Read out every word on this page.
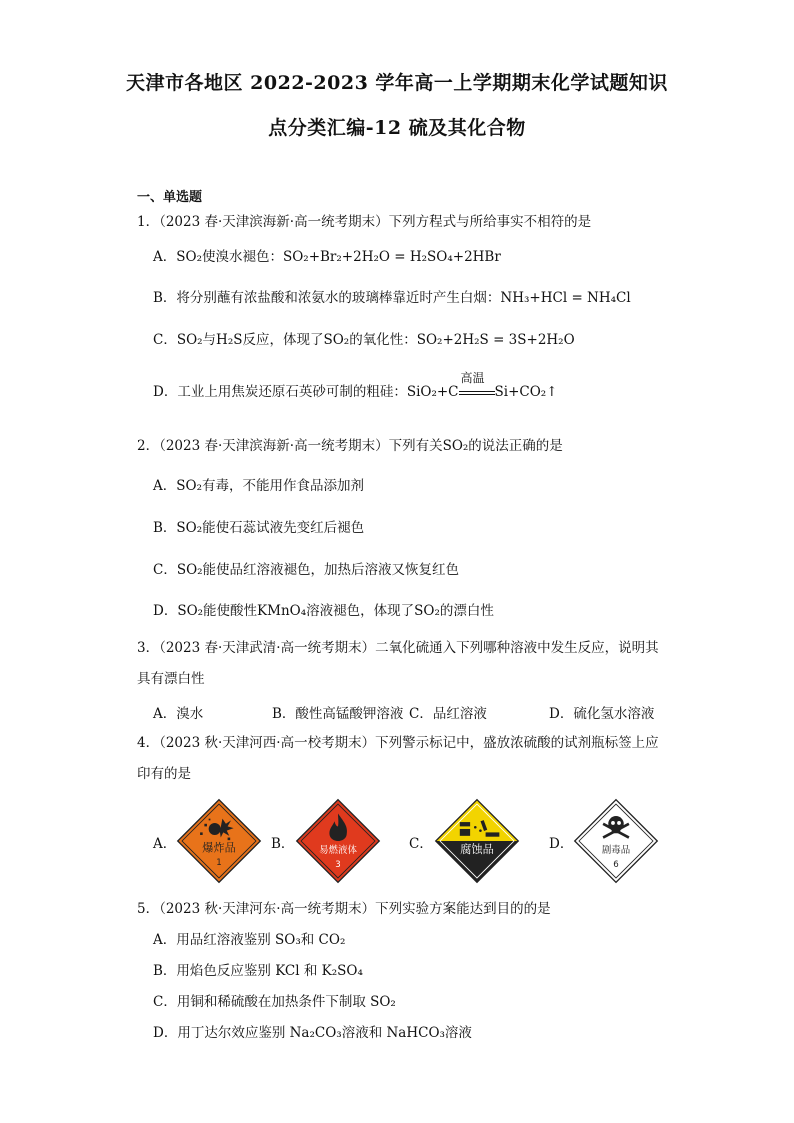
天津市各地区 2022-2023 学年高一上学期期末化学试题知识
点分类汇编-12 硫及其化合物
一、单选题
1．（2023 春·天津滨海新·高一统考期末）下列方程式与所给事实不相符的是
A．SO₂使溴水褪色：SO₂+Br₂+2H₂O = H₂SO₄+2HBr
B．将分别蘸有浓盐酸和浓氨水的玻璃棒靠近时产生白烟：NH₃+HCl = NH₄Cl
C．SO₂与H₂S反应，体现了SO₂的氧化性：SO₂+2H₂S = 3S+2H₂O
D．工业上用焦炭还原石英砂可制的粗硅：SiO₂+C
高温
Si+CO₂↑
2．（2023 春·天津滨海新·高一统考期末）下列有关SO₂的说法正确的是
A．SO₂有毒，不能用作食品添加剂
B．SO₂能使石蕊试液先变红后褪色
C．SO₂能使品红溶液褪色，加热后溶液又恢复红色
D．SO₂能使酸性KMnO₄溶液褪色，体现了SO₂的漂白性
3．（2023 春·天津武清·高一统考期末）二氧化硫通入下列哪种溶液中发生反应，说明其
具有漂白性
A．溴水	B．酸性高锰酸钾溶液 C．品红溶液	D．硫化氢水溶液
4．（2023 秋·天津河西·高一校考期末）下列警示标记中，盛放浓硫酸的试剂瓶标签上应
印有的是
A． 爆炸品
1
B． 易燃液体
3
C． 腐蚀品	D．	剧毒品
6
5．（2023 秋·天津河东·高一统考期末）下列实验方案能达到目的的是
A．用品红溶液鉴别 SO₃和 CO₂
B．用焰色反应鉴别 KCl 和 K₂SO₄
C．用铜和稀硫酸在加热条件下制取 SO₂
D．用丁达尔效应鉴别 Na₂CO₃溶液和 NaHCO₃溶液
